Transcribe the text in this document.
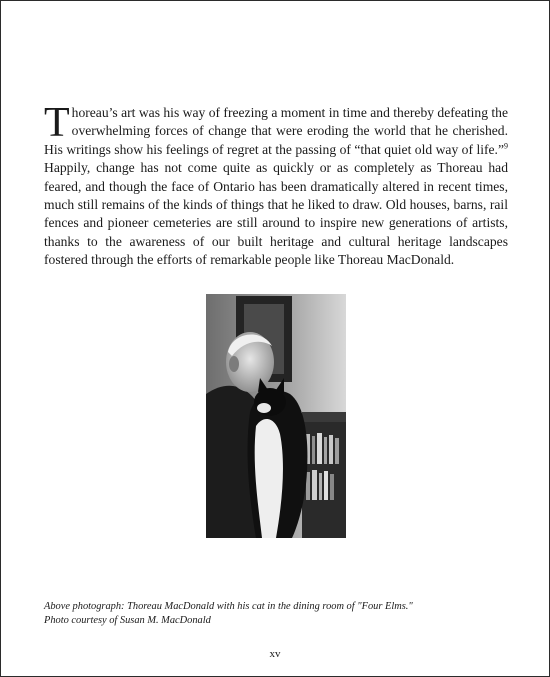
Thoreau’s art was his way of freezing a moment in time and thereby defeating the overwhelming forces of change that were eroding the world that he cherished. His writings show his feelings of regret at the passing of “that quiet old way of life.”$^9$ Happily, change has not come quite as quickly or as completely as Thoreau had feared, and though the face of Ontario has been dramatically altered in recent times, much still remains of the kinds of things that he liked to draw. Old houses, barns, rail fences and pioneer cemeteries are still around to inspire new generations of artists, thanks to the awareness of our built heritage and cultural heritage landscapes fostered through the efforts of remarkable people like Thoreau MacDonald.

Above photograph: Thoreau MacDonald with his cat in the dining room of "Four Elms."
Photo courtesy of Susan M. MacDonald

xv
